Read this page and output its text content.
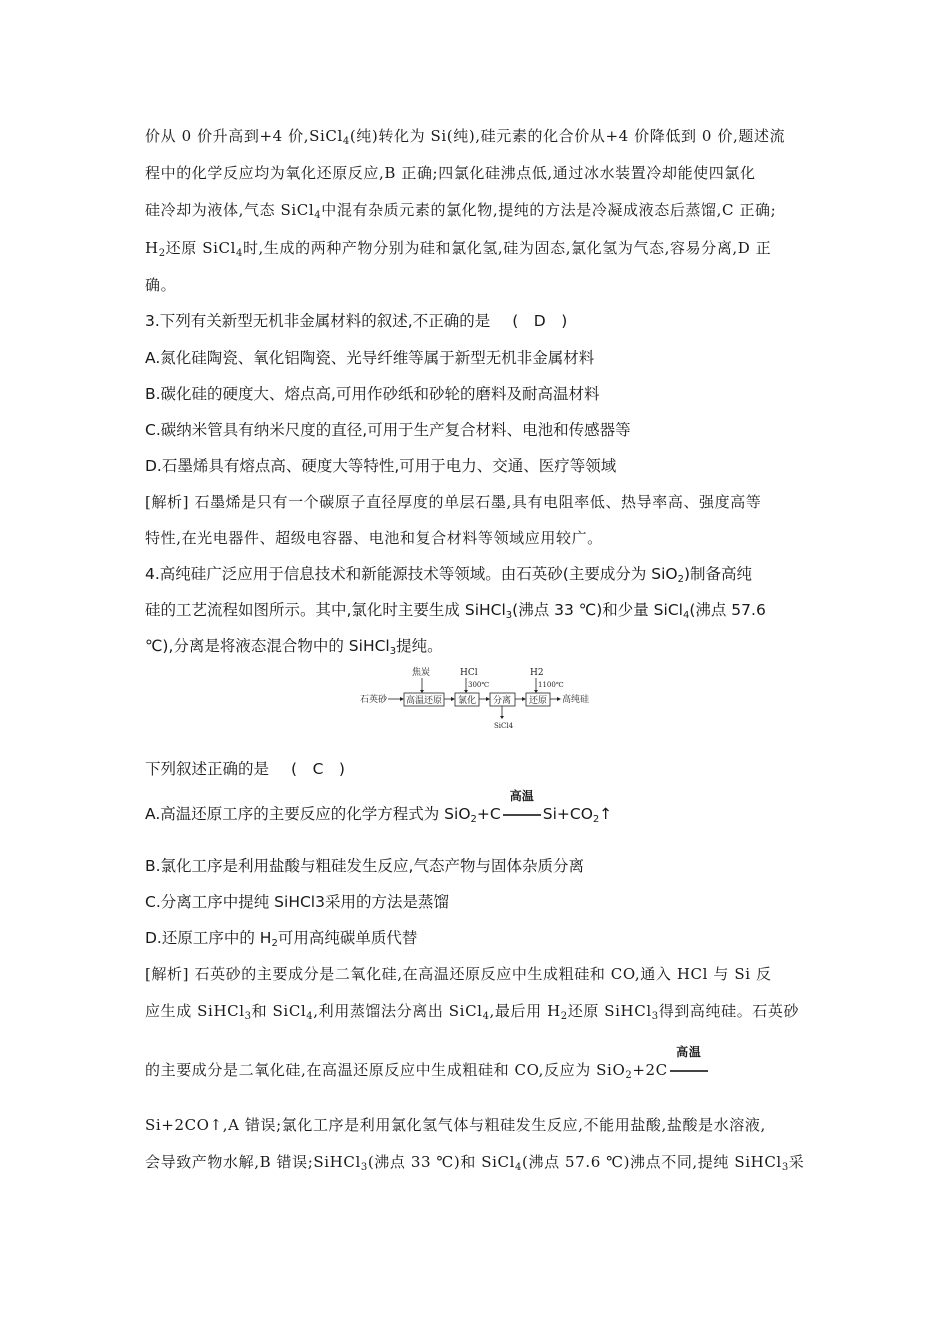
价从 0 价升高到+4 价,SiCl$_4$(纯)转化为 Si(纯),硅元素的化合价从+4 价降低到 0 价,题述流
程中的化学反应均为氧化还原反应,B 正确;四氯化硅沸点低,通过冰水装置冷却能使四氯化
硅冷却为液体,气态 SiCl$_4$中混有杂质元素的氯化物,提纯的方法是冷凝成液态后蒸馏,C 正确;
$H_2$还原 SiCl$_4$时,生成的两种产物分别为硅和氯化氢,硅为固态,氯化氢为气态,容易分离,D 正
确。
3.下列有关新型无机非金属材料的叙述,不正确的是 (　D　)
A.氮化硅陶瓷、氧化铝陶瓷、光导纤维等属于新型无机非金属材料
B.碳化硅的硬度大、熔点高,可用作砂纸和砂轮的磨料及耐高温材料
C.碳纳米管具有纳米尺度的直径,可用于生产复合材料、电池和传感器等
D.石墨烯具有熔点高、硬度大等特性,可用于电力、交通、医疗等领域
[解析] 石墨烯是只有一个碳原子直径厚度的单层石墨,具有电阻率低、热导率高、强度高等
特性,在光电器件、超级电容器、电池和复合材料等领域应用较广。
4.高纯硅广泛应用于信息技术和新能源技术等领域。由石英砂(主要成分为 SiO$_2$)制备高纯
硅的工艺流程如图所示。其中,氯化时主要生成 SiHCl$_3$(沸点 33 ℃)和少量 SiCl$_4$(沸点 57.6
℃),分离是将液态混合物中的 SiHCl$_3$提纯。
石英砂
焦炭
高温还原
HCl
300℃
氯化 分离
SiCl4
H2
1100℃
还原 高纯硅
下列叙述正确的是 (　C　)
A.高温还原工序的主要反应的化学方程式为 SiO$_2$+C
高温
$Si+CO_2↑$
B.氯化工序是利用盐酸与粗硅发生反应,气态产物与固体杂质分离
C.分离工序中提纯 SiHCl3采用的方法是蒸馏
D.还原工序中的 $H_2$可用高纯碳单质代替
[解析] 石英砂的主要成分是二氧化硅,在高温还原反应中生成粗硅和 CO,通入 HCl 与 Si 反
应生成 SiHCl$_3$和 SiCl$_4$,利用蒸馏法分离出 SiCl$_4$,最后用 $H_2$还原 SiHCl$_3$得到高纯硅。石英砂
的主要成分是二氧化硅,在高温还原反应中生成粗硅和 CO,反应为 SiO$_2$+2C
高温
Si+2CO↑,A 错误;氯化工序是利用氯化氢气体与粗硅发生反应,不能用盐酸,盐酸是水溶液,
会导致产物水解,B 错误;SiHCl$_3$(沸点 33 ℃)和 SiCl$_4$(沸点 57.6 ℃)沸点不同,提纯 SiHCl$_3$采
